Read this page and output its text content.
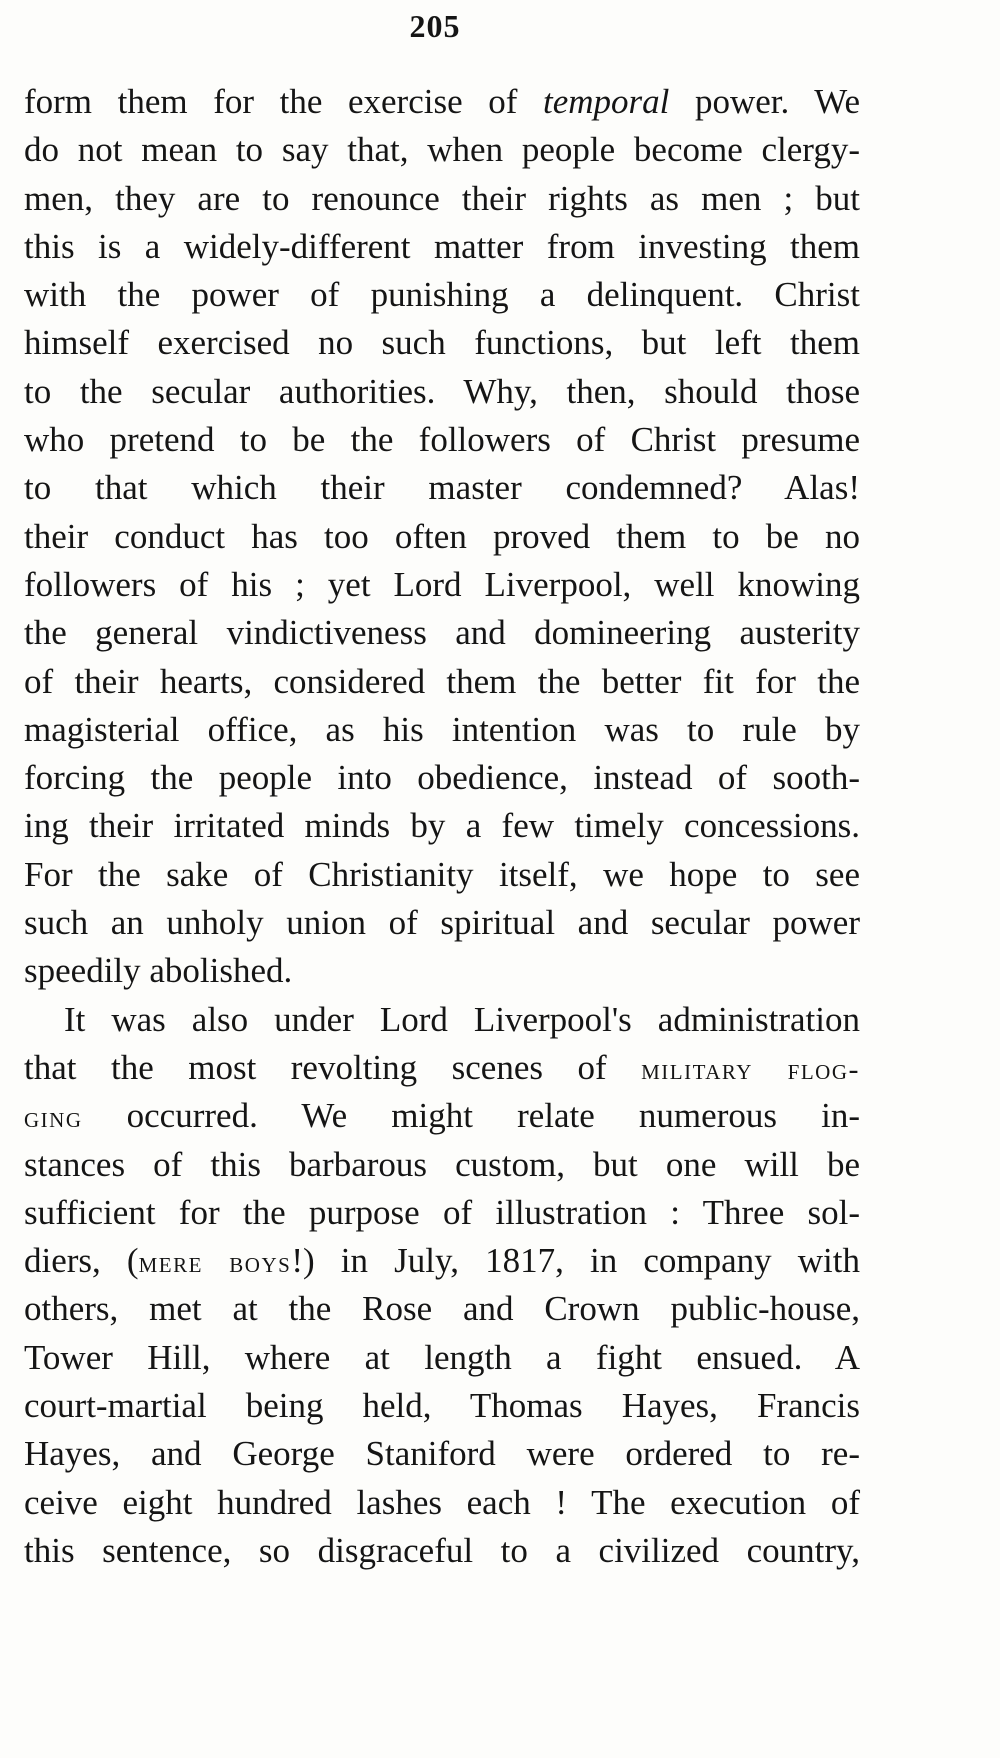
205
form them for the exercise of temporal power. We
do not mean to say that, when people become clergy-
men, they are to renounce their rights as men ; but
this is a widely-different matter from investing them
with the power of punishing a delinquent. Christ
himself exercised no such functions, but left them
to the secular authorities. Why, then, should those
who pretend to be the followers of Christ presume
to that which their master condemned? Alas!
their conduct has too often proved them to be no
followers of his ; yet Lord Liverpool, well knowing
the general vindictiveness and domineering austerity
of their hearts, considered them the better fit for the
magisterial office, as his intention was to rule by
forcing the people into obedience, instead of sooth-
ing their irritated minds by a few timely concessions.
For the sake of Christianity itself, we hope to see
such an unholy union of spiritual and secular power
speedily abolished.
It was also under Lord Liverpool's administration
that the most revolting scenes of military flog-
ging occurred. We might relate numerous in-
stances of this barbarous custom, but one will be
sufficient for the purpose of illustration : Three sol-
diers, (mere boys!) in July, 1817, in company with
others, met at the Rose and Crown public-house,
Tower Hill, where at length a fight ensued. A
court-martial being held, Thomas Hayes, Francis
Hayes, and George Staniford were ordered to re-
ceive eight hundred lashes each ! The execution of
this sentence, so disgraceful to a civilized country,
